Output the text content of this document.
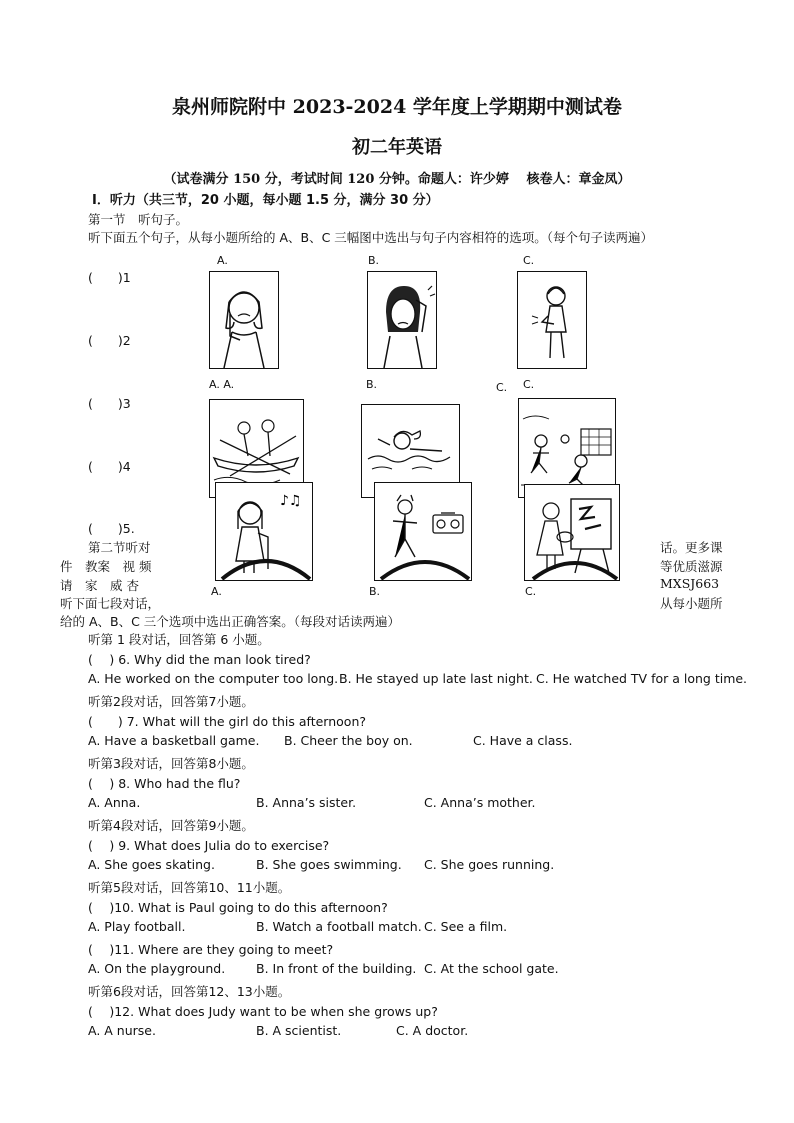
泉州师院附中 2023-2024 学年度上学期期中测试卷
初二年英语
（试卷满分 150 分，考试时间 120 分钟。命题人：许少婷　 核卷人：章金凤）
I．听力（共三节，20 小题，每小题 1.5 分，满分 30 分）
第一节　听句子。
听下面五个句子，从每小题所给的 A、B、C 三幅图中选出与句子内容相符的选项。（每个句子读两遍）
(　　)1
(　　)2
(　　)3
(　　)4
(　　)5.
A.	B.	C.
A. A.	B.	C. C.
♪♫
A.	B.	C.
第二节听对
件　教案　视 频
请　家　威 杏
话。更多课
等优质滋源
MXSJ663
从每小题所
听下面七段对话，
给的 A、B、C 三个选项中选出正确答案。（每段对话读两遍）
听第 1 段对话，回答第 6 小题。
(　 ) 6. Why did the man look tired?
A. He worked on the computer too long. B. He stayed up late last night. C. He watched TV for a long time.
听第2段对话，回答第7小题。
(　　) 7. What will the girl do this afternoon?
A. Have a basketball game. B. Cheer the boy on.	C. Have a class.
听第3段对话，回答第8小题。
(　 ) 8. Who had the flu?
A. Anna.	B. Anna’s sister.	C. Anna’s mother.
听第4段对话，回答第9小题。
(　 ) 9. What does Julia do to exercise?
A. She goes skating.	B. She goes swimming. C. She goes running.
听第5段对话，回答第10、11小题。
(　 )10. What is Paul going to do this afternoon?
A. Play football.	B. Watch a football match. C. See a film.
(　 )11. Where are they going to meet?
A. On the playground. B. In front of the building. C. At the school gate.
听第6段对话，回答第12、13小题。
(　 )12. What does Judy want to be when she grows up?
A. A nurse.	B. A scientist.	C. A doctor.
